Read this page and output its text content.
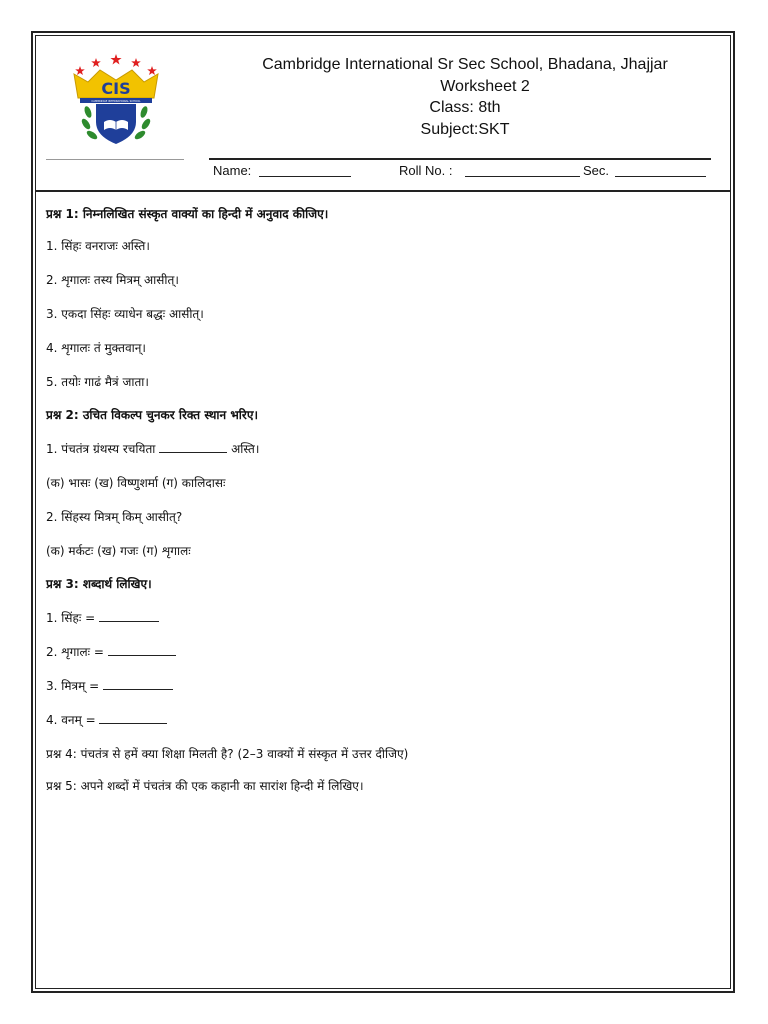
CIS
CAMBRIDGE INTERNATIONAL SCHOOL
Cambridge International Sr Sec School, Bhadana, Jhajjar
Worksheet 2
Class: 8th
Subject:SKT
Name:	Roll No. :	Sec.
प्रश्न 1: निम्नलिखित संस्कृत वाक्यों का हिन्दी में अनुवाद कीजिए।
1. सिंहः वनराजः अस्ति।
2. शृगालः तस्य मित्रम् आसीत्।
3. एकदा सिंहः व्याधेन बद्धः आसीत्।
4. शृगालः तं मुक्तवान्।
5. तयोः गाढं मैत्रं जाता।
प्रश्न 2: उचित विकल्प चुनकर रिक्त स्थान भरिए।
1. पंचतंत्र ग्रंथस्य रचयिता	अस्ति।
(क) भासः (ख) विष्णुशर्मा (ग) कालिदासः
2. सिंहस्य मित्रम् किम् आसीत्?
(क) मर्कटः (ख) गजः (ग) शृगालः
प्रश्न 3: शब्दार्थ लिखिए।
1. सिंहः =
2. शृगालः =
3. मित्रम् =
4. वनम् =
प्रश्न 4: पंचतंत्र से हमें क्या शिक्षा मिलती है? (2–3 वाक्यों में संस्कृत में उत्तर दीजिए)
प्रश्न 5: अपने शब्दों में पंचतंत्र की एक कहानी का सारांश हिन्दी में लिखिए।
